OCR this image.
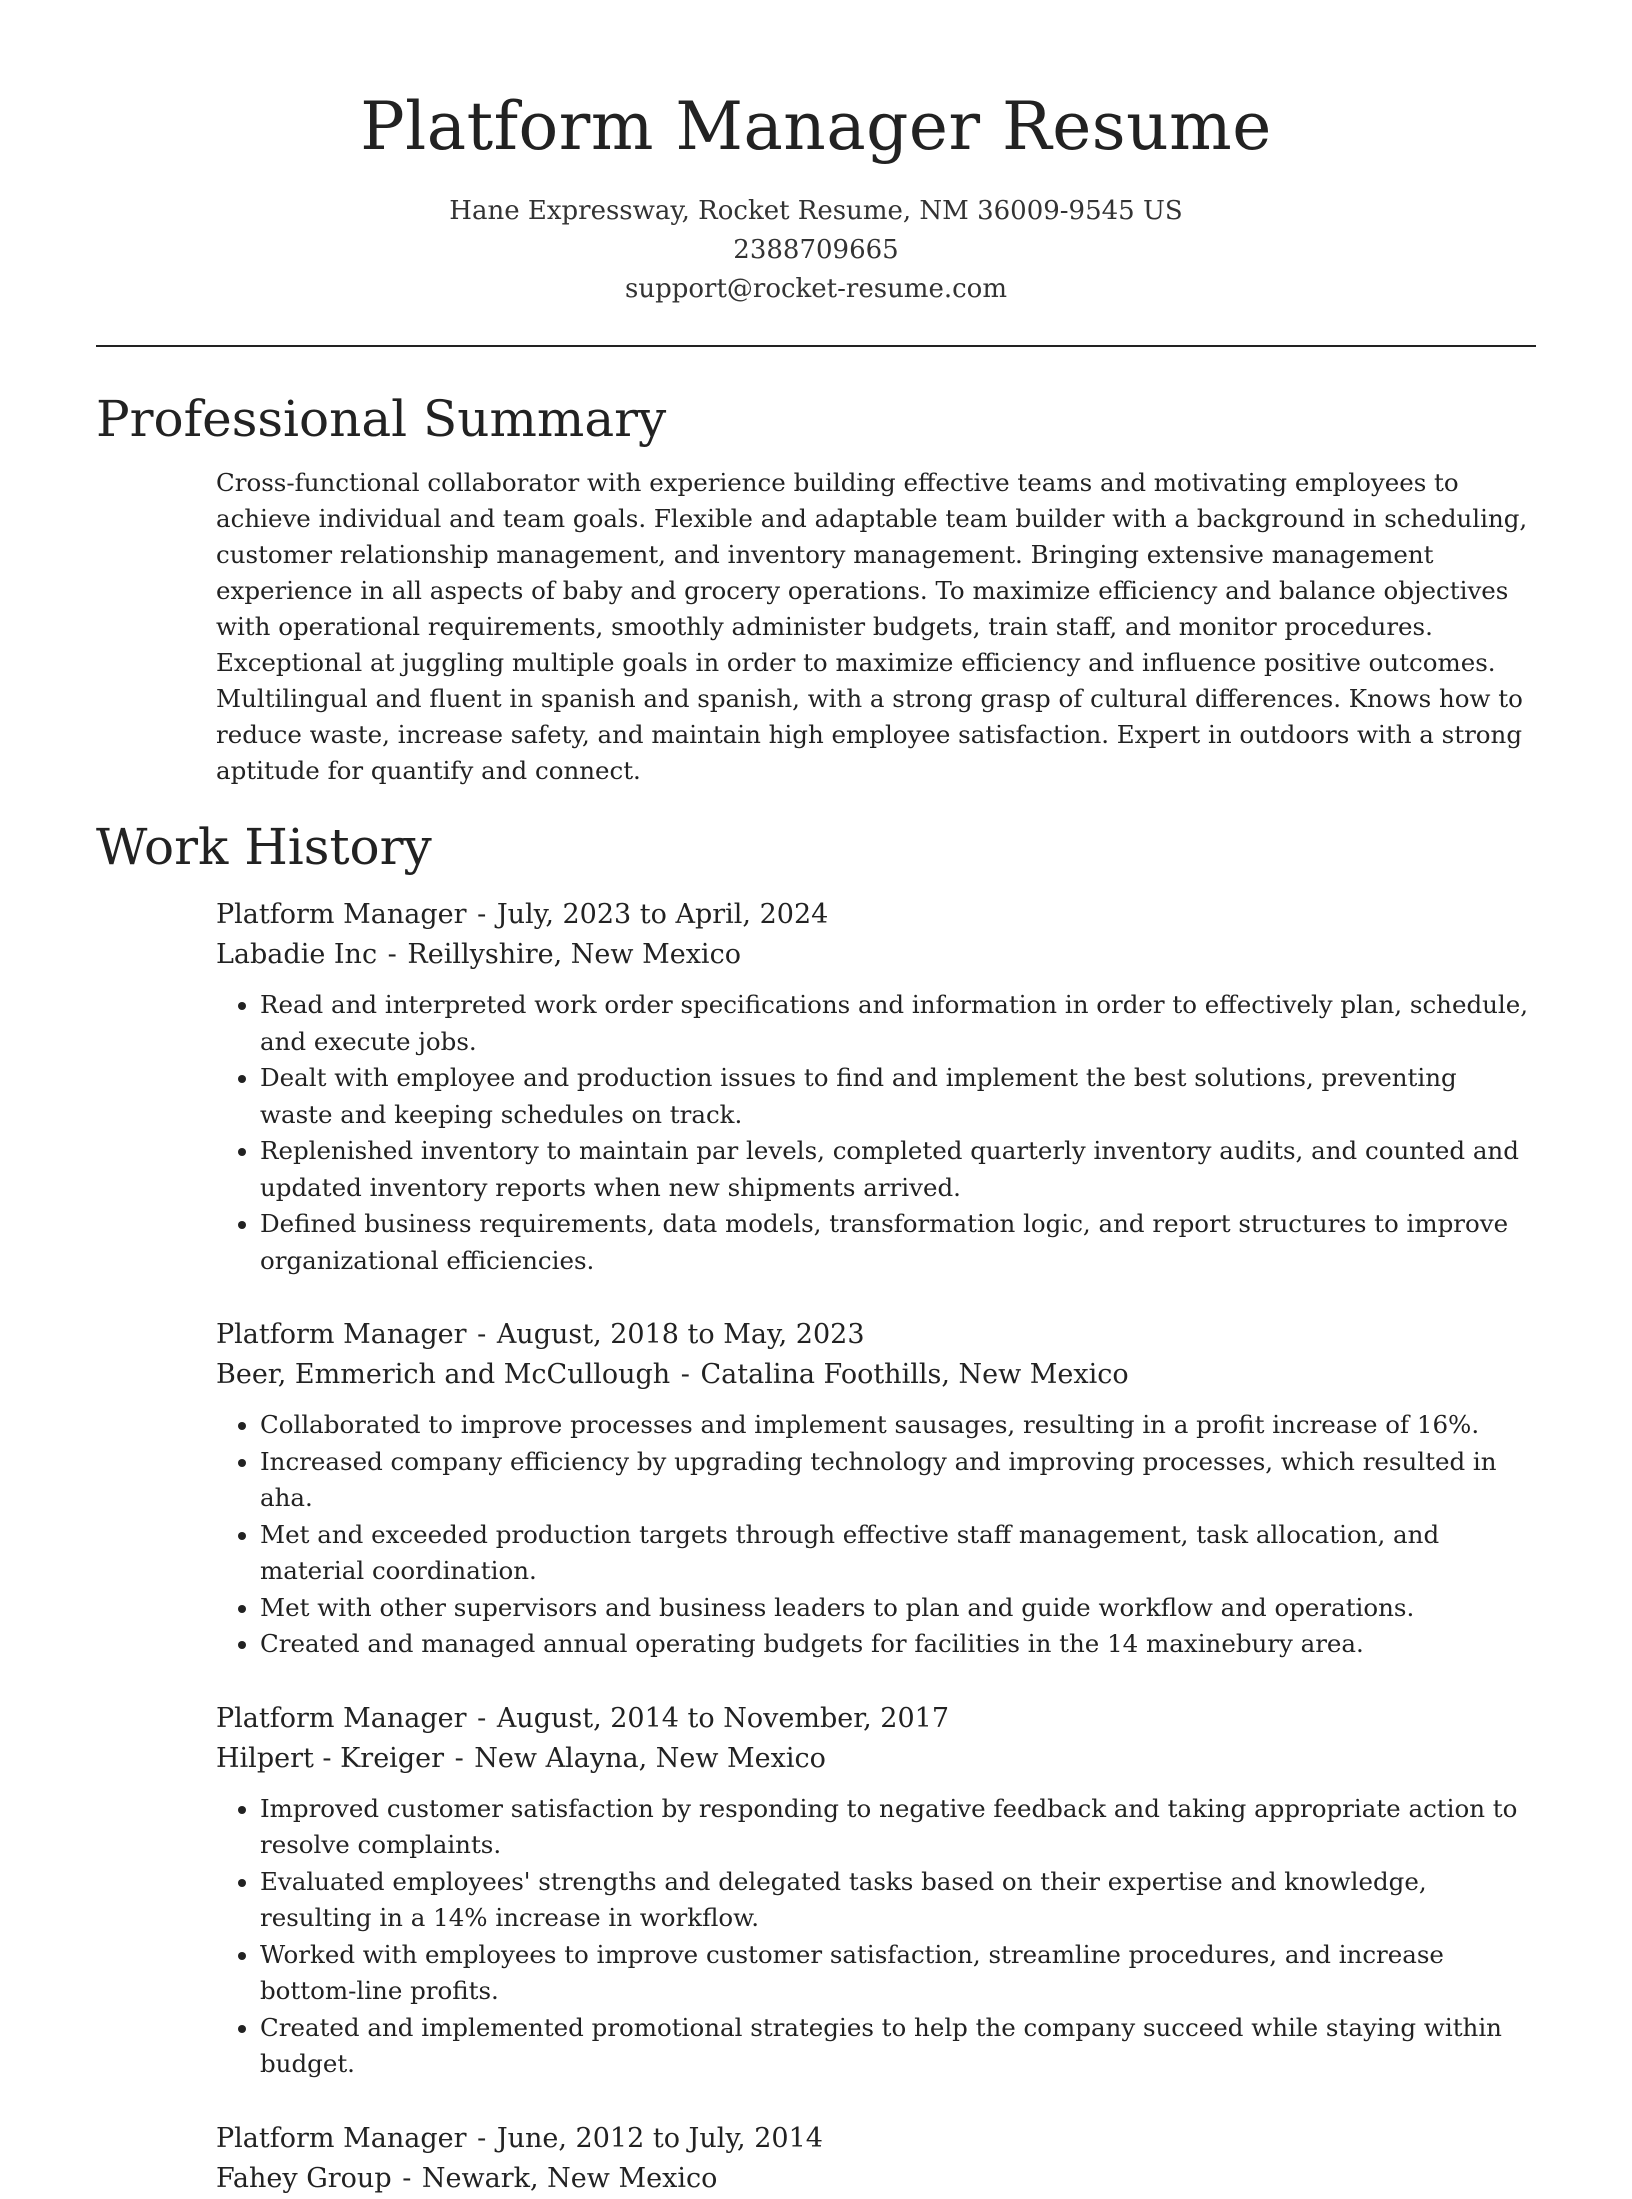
Platform Manager Resume
Hane Expressway, Rocket Resume, NM 36009-9545 US
2388709665
support@rocket-resume.com
Professional Summary

Cross-functional collaborator with experience building effective teams and motivating employees to achieve individual and team goals. Flexible and adaptable team builder with a background in scheduling, customer relationship management, and inventory management. Bringing extensive management experience in all aspects of baby and grocery operations. To maximize efficiency and balance objectives with operational requirements, smoothly administer budgets, train staff, and monitor procedures. Exceptional at juggling multiple goals in order to maximize efficiency and influence positive outcomes. Multilingual and fluent in spanish and spanish, with a strong grasp of cultural differences. Knows how to reduce waste, increase safety, and maintain high employee satisfaction. Expert in outdoors with a strong aptitude for quantify and connect.

Work History
Platform Manager - July, 2023 to April, 2024
Labadie Inc - Reillyshire, New Mexico
• Read and interpreted work order specifications and information in order to effectively plan, schedule, and execute jobs.
• Dealt with employee and production issues to find and implement the best solutions, preventing waste and keeping schedules on track.
• Replenished inventory to maintain par levels, completed quarterly inventory audits, and counted and updated inventory reports when new shipments arrived.
• Defined business requirements, data models, transformation logic, and report structures to improve organizational efficiencies.
Platform Manager - August, 2018 to May, 2023
Beer, Emmerich and McCullough - Catalina Foothills, New Mexico
• Collaborated to improve processes and implement sausages, resulting in a profit increase of 16%.
• Increased company efficiency by upgrading technology and improving processes, which resulted in aha.
• Met and exceeded production targets through effective staff management, task allocation, and material coordination.
• Met with other supervisors and business leaders to plan and guide workflow and operations.
• Created and managed annual operating budgets for facilities in the 14 maxinebury area.
Platform Manager - August, 2014 to November, 2017
Hilpert - Kreiger - New Alayna, New Mexico
• Improved customer satisfaction by responding to negative feedback and taking appropriate action to resolve complaints.
• Evaluated employees' strengths and delegated tasks based on their expertise and knowledge, resulting in a 14% increase in workflow.
• Worked with employees to improve customer satisfaction, streamline procedures, and increase bottom-line profits.
• Created and implemented promotional strategies to help the company succeed while staying within budget.
Platform Manager - June, 2012 to July, 2014
Fahey Group - Newark, New Mexico
